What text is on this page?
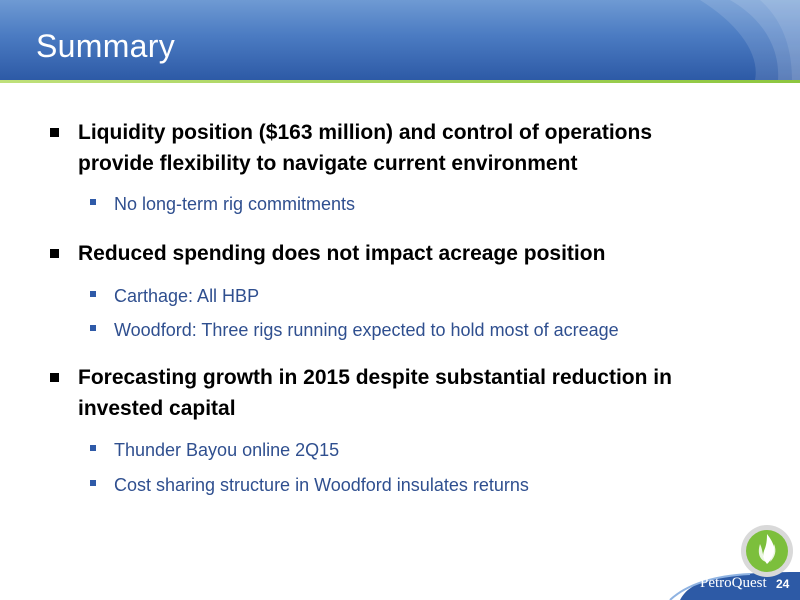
Summary
Liquidity position ($163 million) and control of operations
provide flexibility to navigate current environment
No long-term rig commitments
Reduced spending does not impact acreage position
Carthage: All HBP
Woodford: Three rigs running expected to hold most of acreage
Forecasting growth in 2015 despite substantial reduction in
invested capital
Thunder Bayou online 2Q15
Cost sharing structure in Woodford insulates returns
PetroQuest 24
